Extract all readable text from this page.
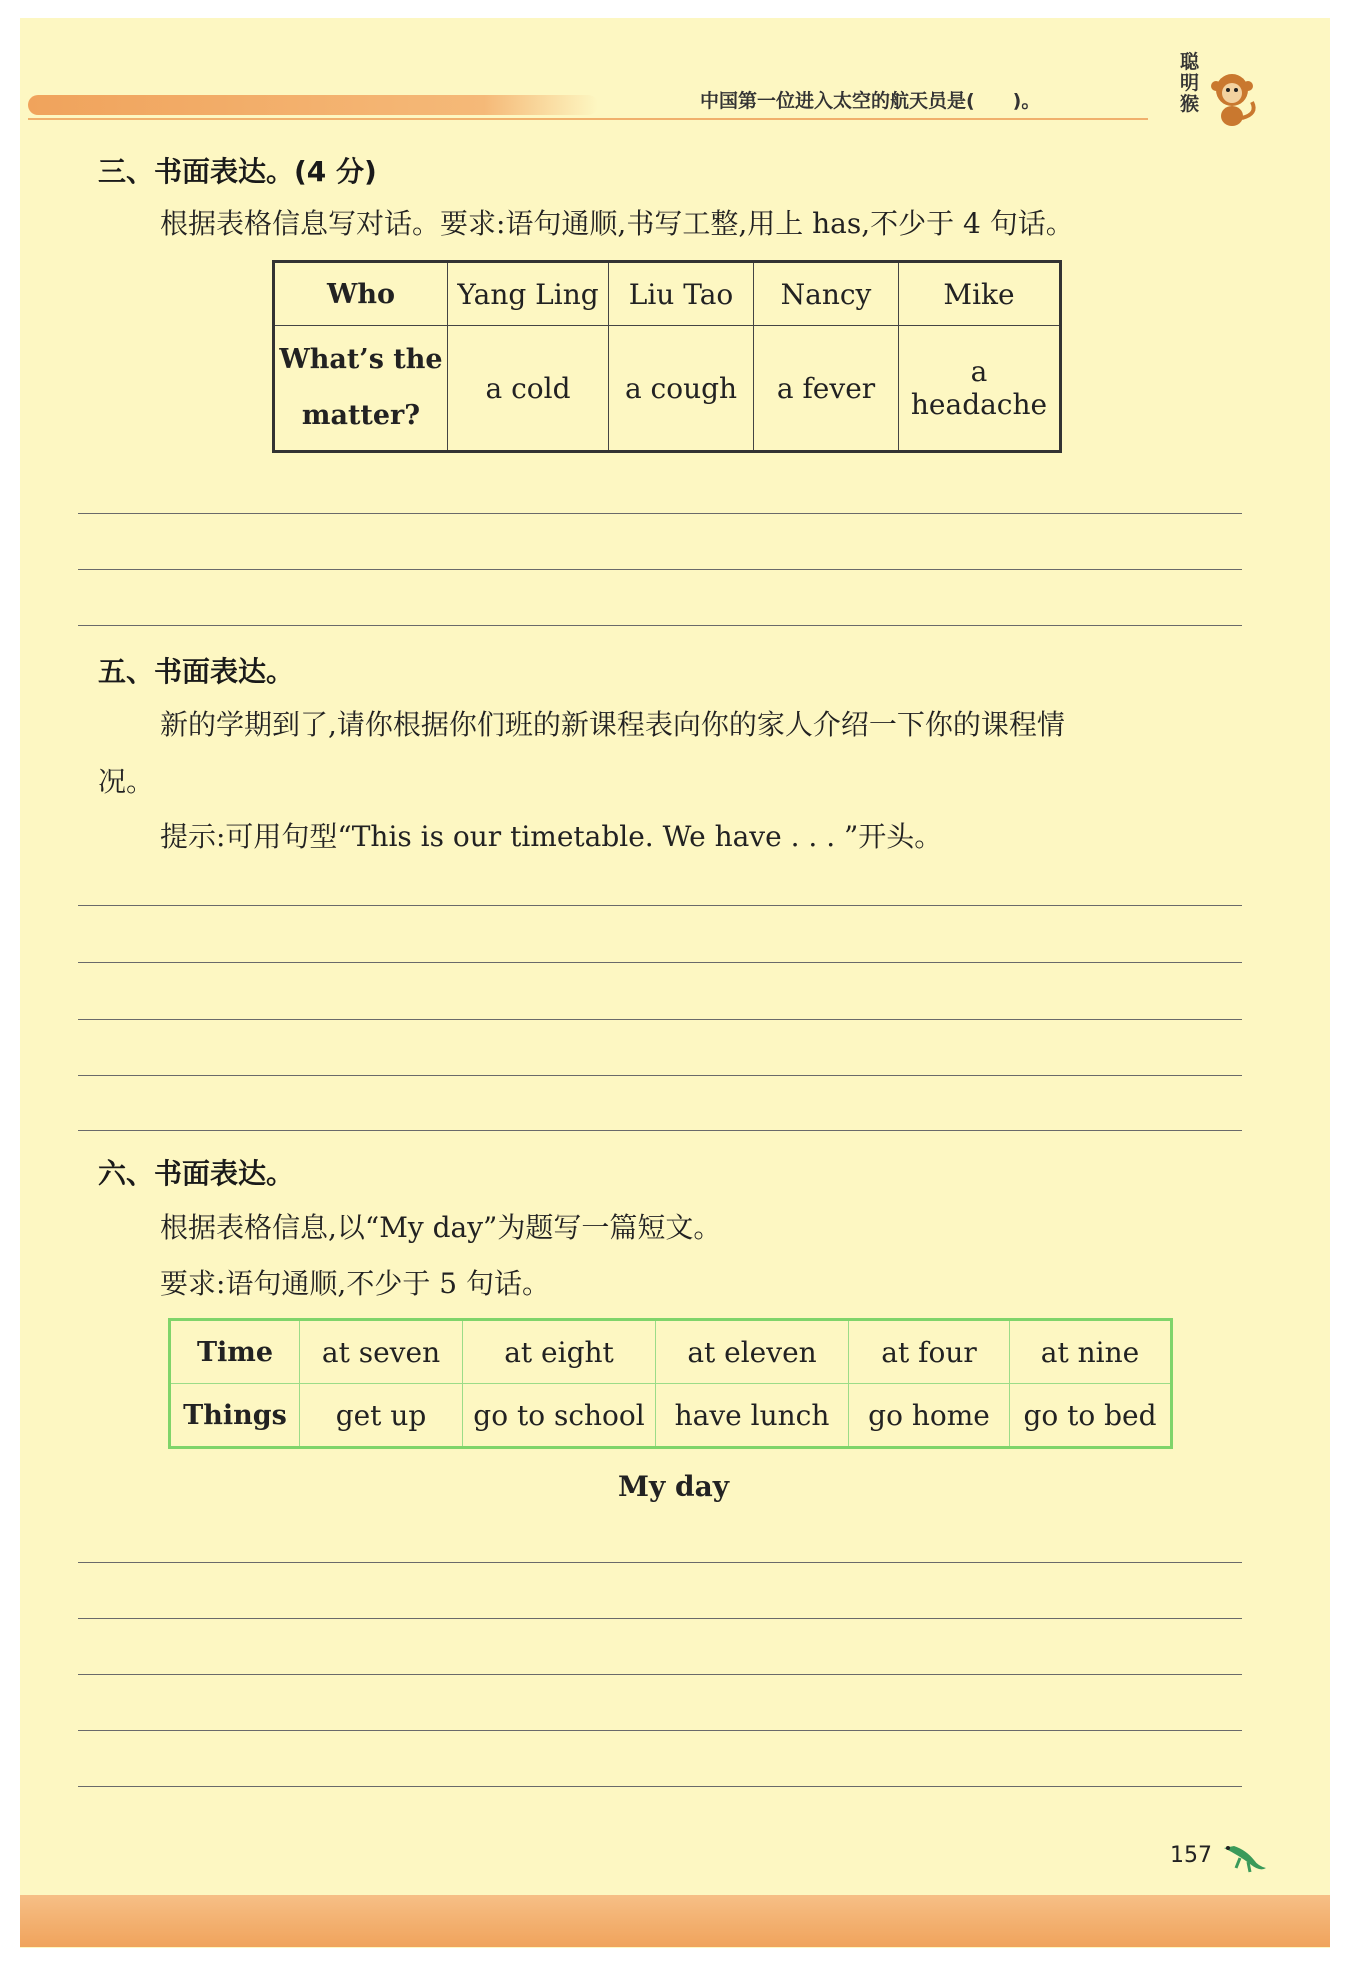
中国第一位进入太空的航天员是(　　)。
聪明猴
三、书面表达。(4 分)
根据表格信息写对话。要求:语句通顺,书写工整,用上 has,不少于 4 句话。
Who	Yang Ling	Liu Tao	Nancy	Mike

What’s the
matter?	a cold	a cough	a fever	a headache
五、书面表达。
新的学期到了,请你根据你们班的新课程表向你的家人介绍一下你的课程情
况。
提示:可用句型“This is our timetable. We have . . . ”开头。
六、书面表达。
根据表格信息,以“My day”为题写一篇短文。
要求:语句通顺,不少于 5 句话。
Time	at seven	at eight	at eleven	at four	at nine
Things	get up	go to school	have lunch	go home	go to bed
My day
157
